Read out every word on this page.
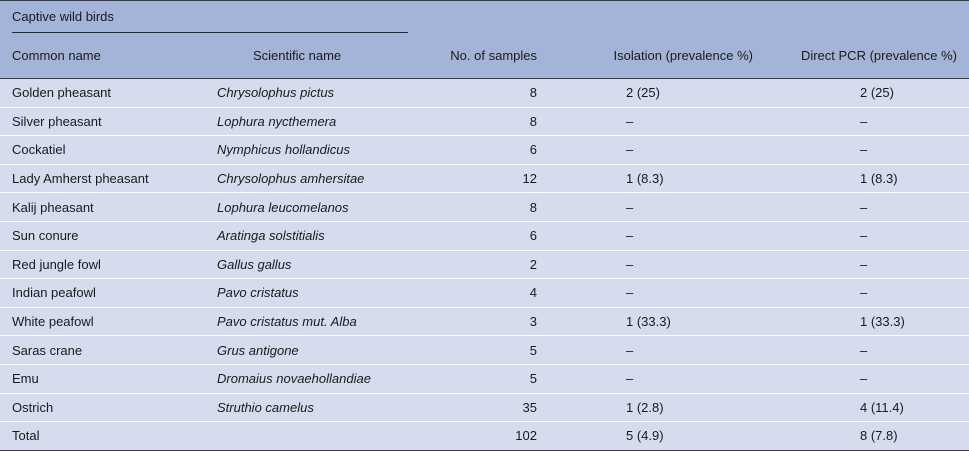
Captive wild birds				
Common name	Scientific name	No. of samples	Isolation (prevalence %)	Direct PCR (prevalence %)
Golden pheasant	Chrysolophus pictus	8	2 (25)	2 (25)
Silver pheasant	Lophura nycthemera	8	–	–
Cockatiel	Nymphicus hollandicus	6	–	–
Lady Amherst pheasant	Chrysolophus amhersitae	12	1 (8.3)	1 (8.3)
Kalij pheasant	Lophura leucomelanos	8	–	–
Sun conure	Aratinga solstitialis	6	–	–
Red jungle fowl	Gallus gallus	2	–	–
Indian peafowl	Pavo cristatus	4	–	–
White peafowl	Pavo cristatus mut. Alba	3	1 (33.3)	1 (33.3)
Saras crane	Grus antigone	5	–	–
Emu	Dromaius novaehollandiae	5	–	–
Ostrich	Struthio camelus	35	1 (2.8)	4 (11.4)
Total		102	5 (4.9)	8 (7.8)
